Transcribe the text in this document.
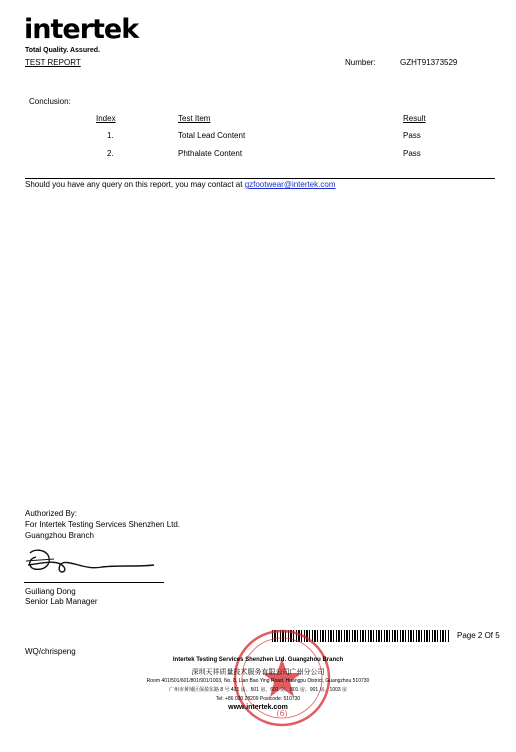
intertek
Total Quality. Assured.
TEST REPORT	Number:	GZHT91373529
Conclusion:
Index	Test Item	Result
1.	Total Lead Content	Pass
2.	Phthalate Content	Pass
Should you have any query on this report, you may contact at gzfootwear@intertek.com
Authorized By:
For Intertek Testing Services Shenzhen Ltd.
Guangzhou Branch
Guiliang Dong
Senior Lab Manager
WQ/chrispeng
Page 2 Of 5
(6)
Intertek Testing Services Shenzhen Ltd. Guangzhou Branch
深圳天祥质量技术服务有限公司广州分公司
Room 401/501/601/801/901/1003, No. 8, Lian Bao Ying Road, Huangpu District, Guangzhou 510730
广州市黄埔区保盈东路 8 号 401 房、501 房、601 房、801 房、901 房、1003 房
Tel: +86 020 28209 Postcode: 510730
www.intertek.com
